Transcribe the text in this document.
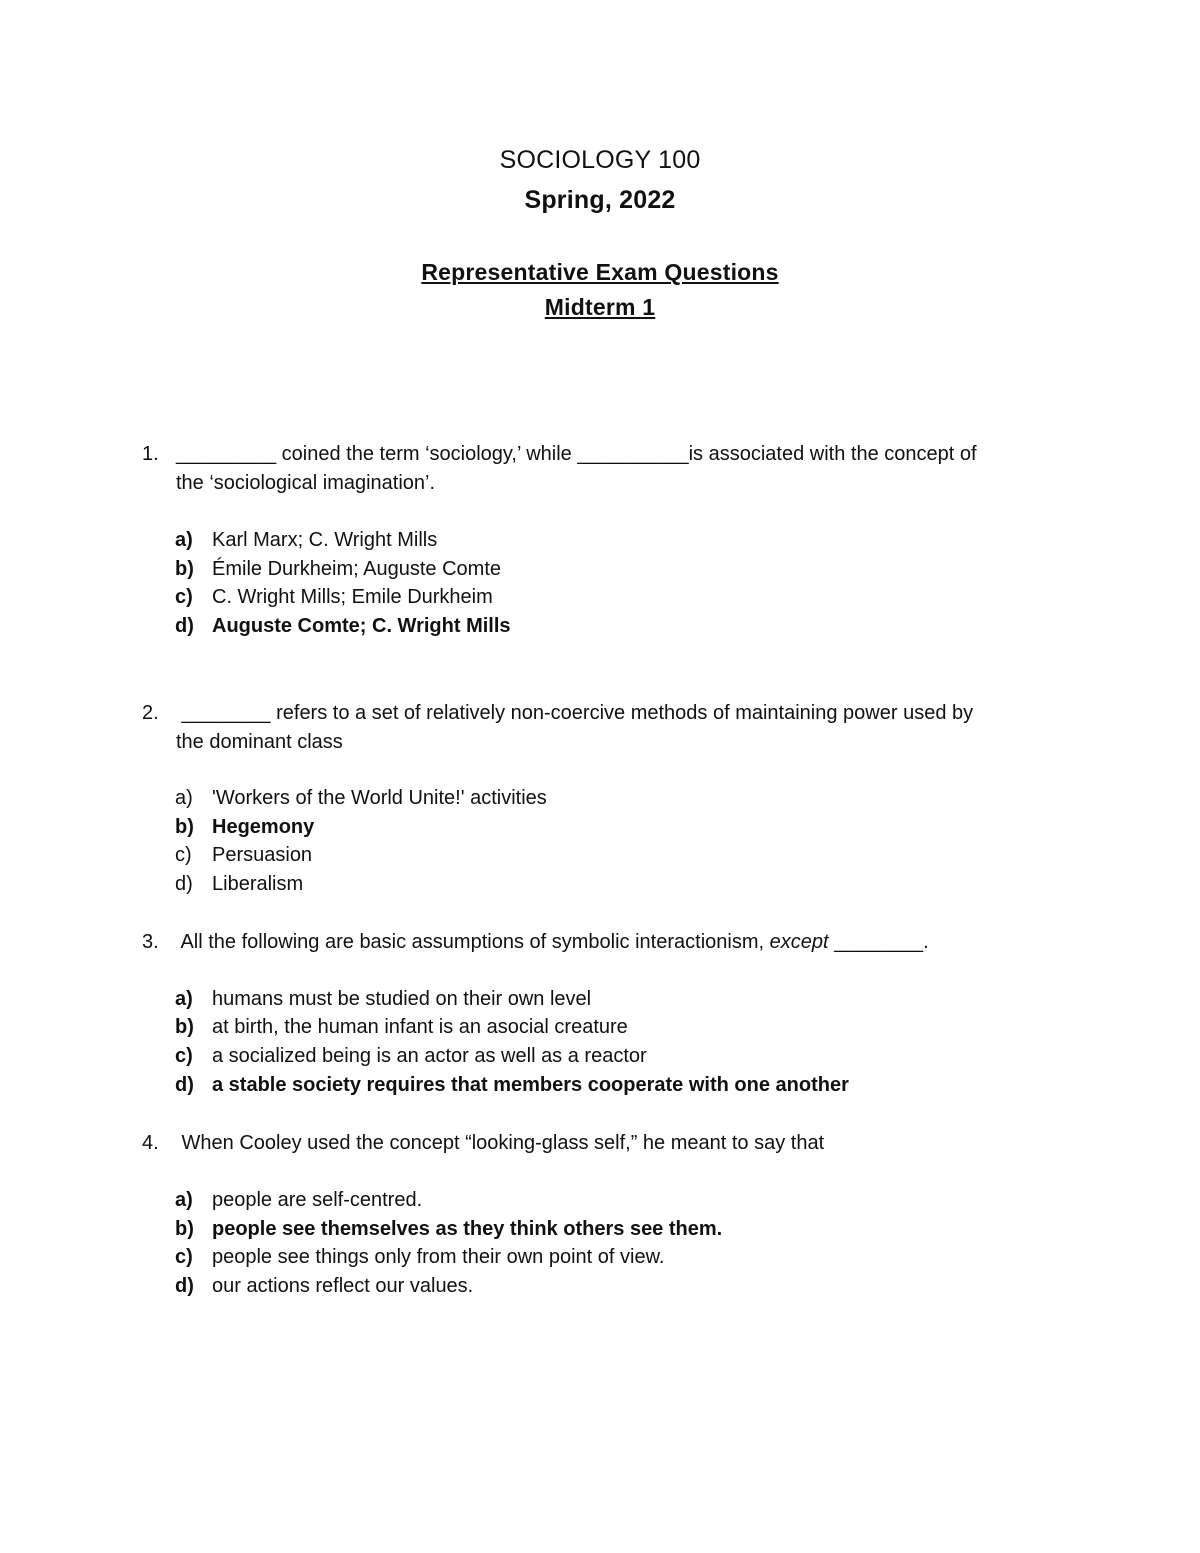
SOCIOLOGY 100
Spring, 2022
Representative Exam Questions
Midterm 1
1. _________ coined the term ‘sociology,’ while __________is associated with the concept of
the ‘sociological imagination’.
a) Karl Marx; C. Wright Mills
b) Émile Durkheim; Auguste Comte
c) C. Wright Mills; Emile Durkheim
d) Auguste Comte; C. Wright Mills
2. ________ refers to a set of relatively non-coercive methods of maintaining power used by
the dominant class
a) 'Workers of the World Unite!' activities
b) Hegemony
c) Persuasion
d) Liberalism
3. All the following are basic assumptions of symbolic interactionism, except ________.
a) humans must be studied on their own level
b) at birth, the human infant is an asocial creature
c) a socialized being is an actor as well as a reactor
d) a stable society requires that members cooperate with one another
4. When Cooley used the concept “looking-glass self,” he meant to say that
a) people are self-centred.
b) people see themselves as they think others see them.
c) people see things only from their own point of view.
d) our actions reflect our values.
